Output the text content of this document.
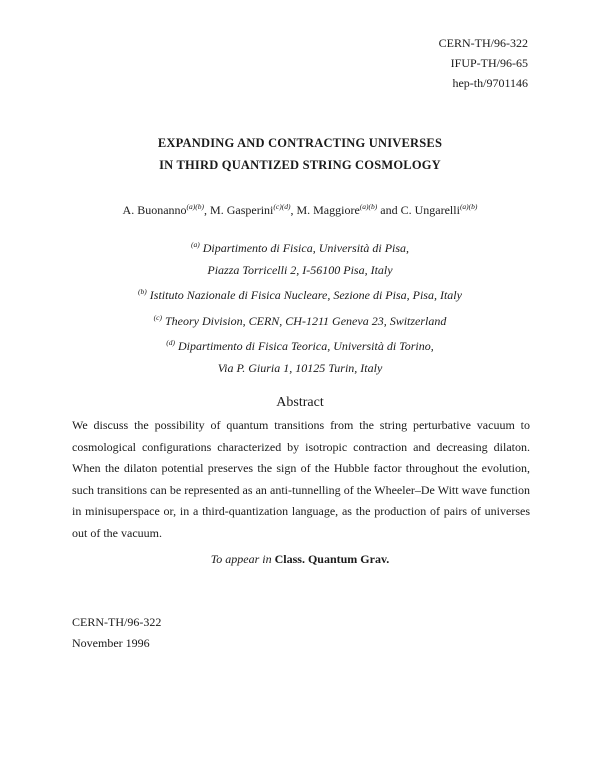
CERN-TH/96-322
IFUP-TH/96-65
hep-th/9701146
EXPANDING AND CONTRACTING UNIVERSES
IN THIRD QUANTIZED STRING COSMOLOGY
A. Buonanno$^{(a)(b)}$, M. Gasperini$^{(c)(d)}$, M. Maggiore$^{(a)(b)}$ and C. Ungarelli$^{(a)(b)}$
$^{(a)}$ Dipartimento di Fisica, Università di Pisa,
Piazza Torricelli 2, I-56100 Pisa, Italy
$^{(b)}$ Istituto Nazionale di Fisica Nucleare, Sezione di Pisa, Pisa, Italy
$^{(c)}$ Theory Division, CERN, CH-1211 Geneva 23, Switzerland
$^{(d)}$ Dipartimento di Fisica Teorica, Università di Torino,
Via P. Giuria 1, 10125 Turin, Italy
Abstract
We discuss the possibility of quantum transitions from the string perturbative vacuum to cosmological configurations characterized by isotropic contraction and decreasing dilaton. When the dilaton potential preserves the sign of the Hubble factor throughout the evolution, such transitions can be represented as an anti-tunnelling of the Wheeler–De Witt wave function in minisuperspace or, in a third-quantization language, as the production of pairs of universes out of the vacuum.
To appear in Class. Quantum Grav.
CERN-TH/96-322
November 1996
